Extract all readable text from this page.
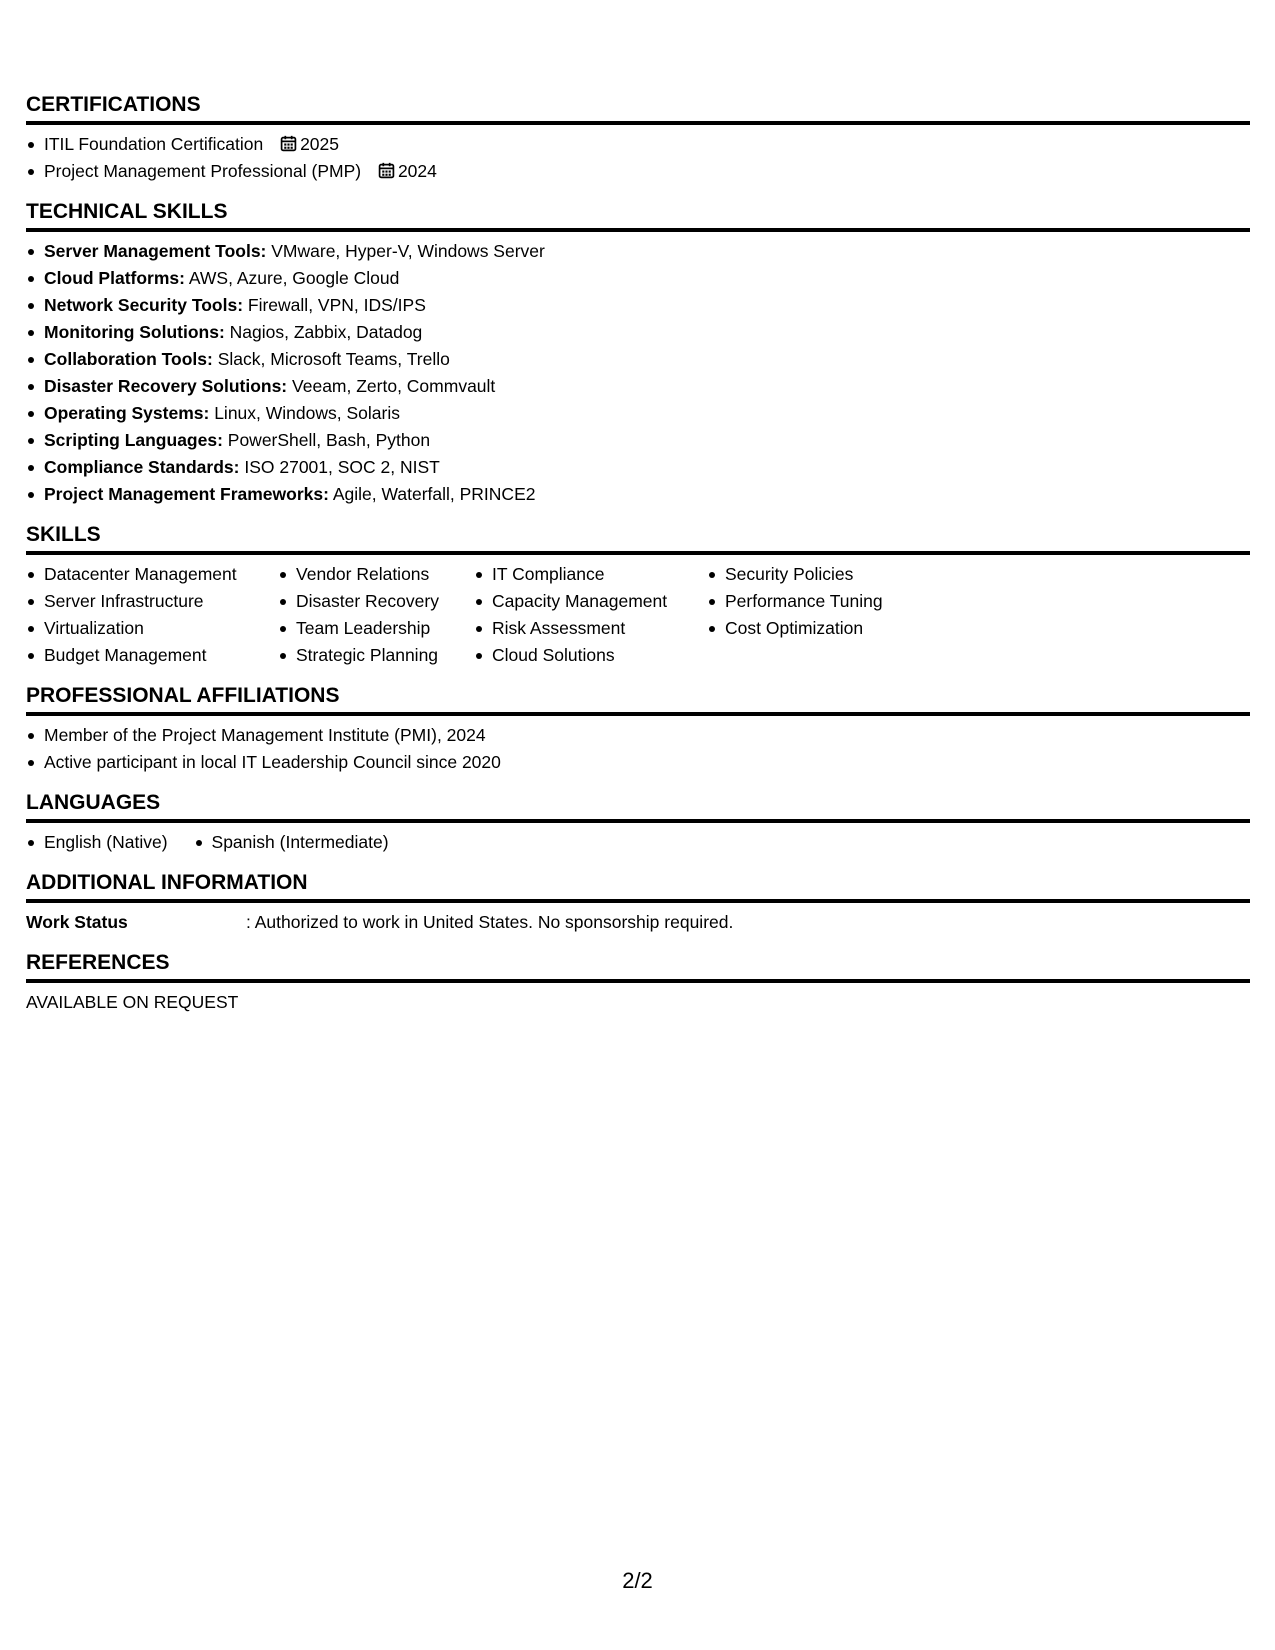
CERTIFICATIONS
ITIL Foundation Certification 2025
Project Management Professional (PMP) 2024
TECHNICAL SKILLS
Server Management Tools: VMware, Hyper-V, Windows Server
Cloud Platforms: AWS, Azure, Google Cloud
Network Security Tools: Firewall, VPN, IDS/IPS
Monitoring Solutions: Nagios, Zabbix, Datadog
Collaboration Tools: Slack, Microsoft Teams, Trello
Disaster Recovery Solutions: Veeam, Zerto, Commvault
Operating Systems: Linux, Windows, Solaris
Scripting Languages: PowerShell, Bash, Python
Compliance Standards: ISO 27001, SOC 2, NIST
Project Management Frameworks: Agile, Waterfall, PRINCE2
SKILLS
Datacenter Management
Server Infrastructure
Virtualization
Budget Management
Vendor Relations
Disaster Recovery
Team Leadership
Strategic Planning
IT Compliance
Capacity Management
Risk Assessment
Cloud Solutions
Security Policies
Performance Tuning
Cost Optimization
PROFESSIONAL AFFILIATIONS
Member of the Project Management Institute (PMI), 2024
Active participant in local IT Leadership Council since 2020
LANGUAGES
English (Native)	Spanish (Intermediate)
ADDITIONAL INFORMATION
Work Status	: Authorized to work in United States. No sponsorship required.
REFERENCES
AVAILABLE ON REQUEST
2/2
